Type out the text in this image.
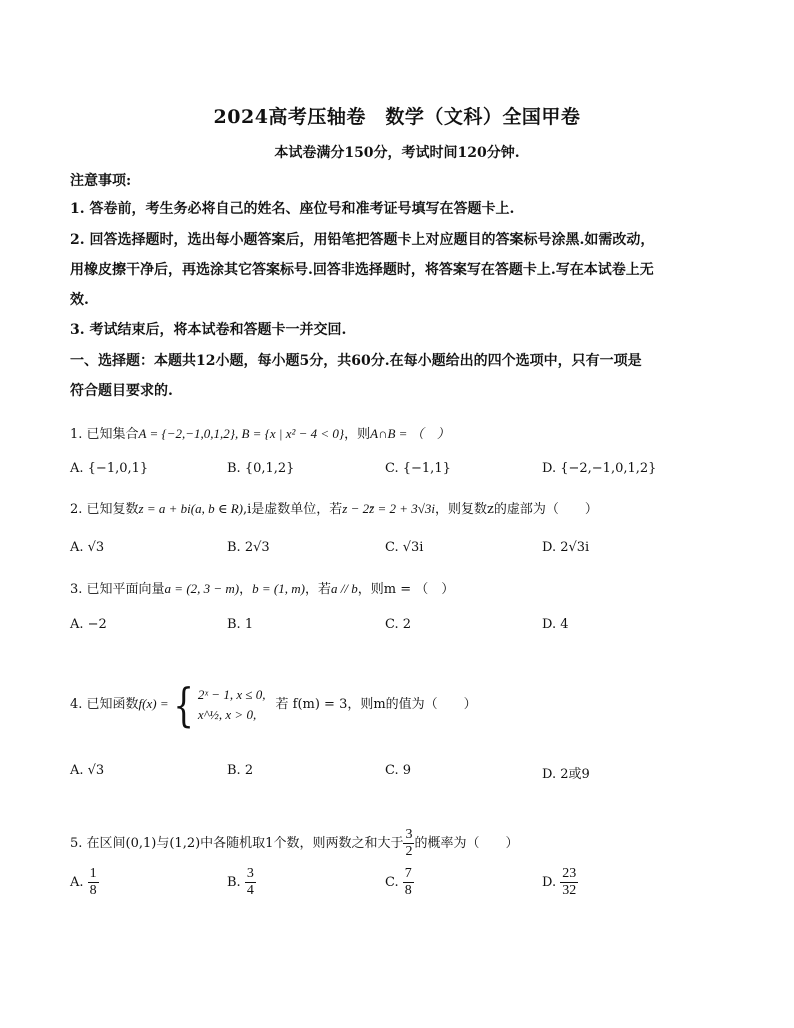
2024高考压轴卷　数学（文科）全国甲卷
本试卷满分150分，考试时间120分钟.
注意事项:
1. 答卷前，考生务必将自己的姓名、座位号和准考证号填写在答题卡上.
2. 回答选择题时，选出每小题答案后，用铅笔把答题卡上对应题目的答案标号涂黑.如需改动，
用橡皮擦干净后，再选涂其它答案标号.回答非选择题时，将答案写在答题卡上.写在本试卷上无
效.
3. 考试结束后，将本试卷和答题卡一并交回.
一、选择题：本题共12小题，每小题5分，共60分.在每小题给出的四个选项中，只有一项是
符合题目要求的.
1. 已知集合A = {−2,−1,0,1,2}, B = {x | x² − 4 < 0}，则A∩B = （　）
A. {−1,0,1}	B. {0,1,2}	C. {−1,1}	D. {−2,−1,0,1,2}
2. 已知复数z = a + bi(a, b ∈ R),i是虚数单位，若z − 2z̄ = 2 + 3√3i，则复数z的虚部为（　　）
A. √3	B. 2√3	C. √3i	D. 2√3i
3. 已知平面向量a = (2, 3 − m)，b = (1, m)，若a // b，则m = （　）
A. −2	B. 1	C. 2	D. 4
4. 已知函数f(x) ={ 2ˣ − 1, x ≤ 0,
x^½, x > 0,
若 f(m) = 3，则m的值为（　　）
A. √3	B. 2	C. 9	D. 2或9
5. 在区间(0,1)与(1,2)中各随机取1个数，则两数之和大于 $\frac{3}{2}$ 的概率为（　　）
A. $\frac{1}{8}$	B. $\frac{3}{4}$	C. $\frac{7}{8}$	D. $\frac{23}{32}$
